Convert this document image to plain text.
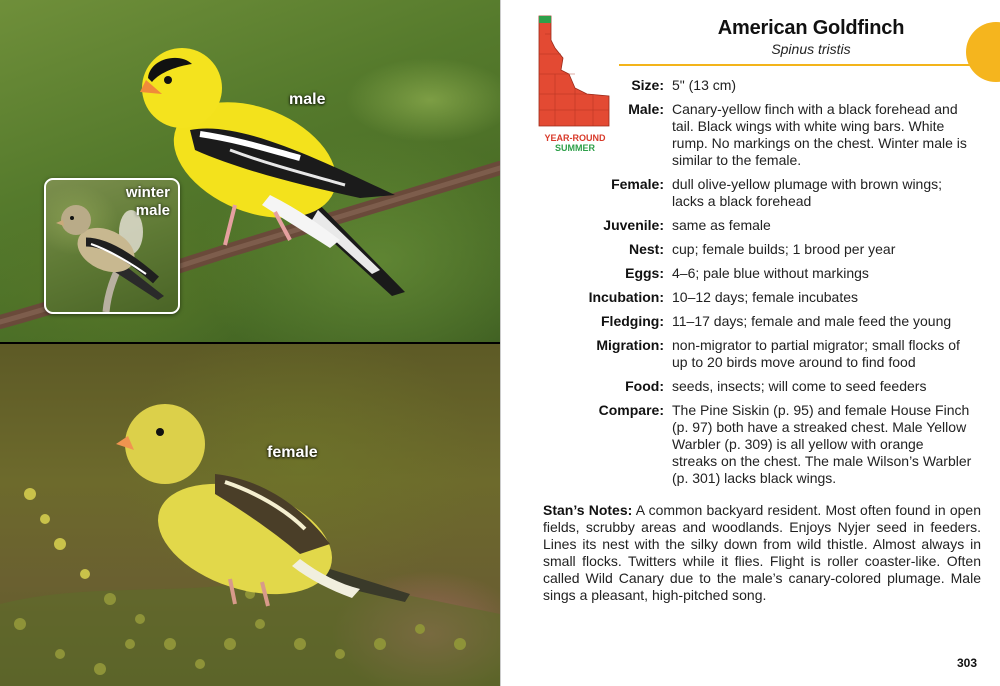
male
winter
male
female
YEAR-ROUND
SUMMER
American Goldfinch
Spinus tristis
Size: 5" (13 cm)
Male: Canary-yellow finch with a black forehead and tail. Black wings with white wing bars. White rump. No markings on the chest. Winter male is similar to the female.
Female: dull olive-yellow plumage with brown wings; lacks a black forehead
Juvenile: same as female
Nest: cup; female builds; 1 brood per year
Eggs: 4–6; pale blue without markings
Incubation: 10–12 days; female incubates
Fledging: 11–17 days; female and male feed the young
Migration: non-migrator to partial migrator; small flocks of up to 20 birds move around to find food
Food: seeds, insects; will come to seed feeders
Compare: The Pine Siskin (p. 95) and female House Finch (p. 97) both have a streaked chest. Male Yellow Warbler (p. 309) is all yellow with orange streaks on the chest. The male Wilson’s Warbler (p. 301) lacks black wings.
Stan’s Notes: A common backyard resident. Most often found in open fields, scrubby areas and woodlands. Enjoys Nyjer seed in feeders. Lines its nest with the silky down from wild thistle. Almost always in small flocks. Twitters while it flies. Flight is roller coaster-like. Often called Wild Canary due to the male’s canary-colored plumage. Male sings a pleasant, high-pitched song.
303
